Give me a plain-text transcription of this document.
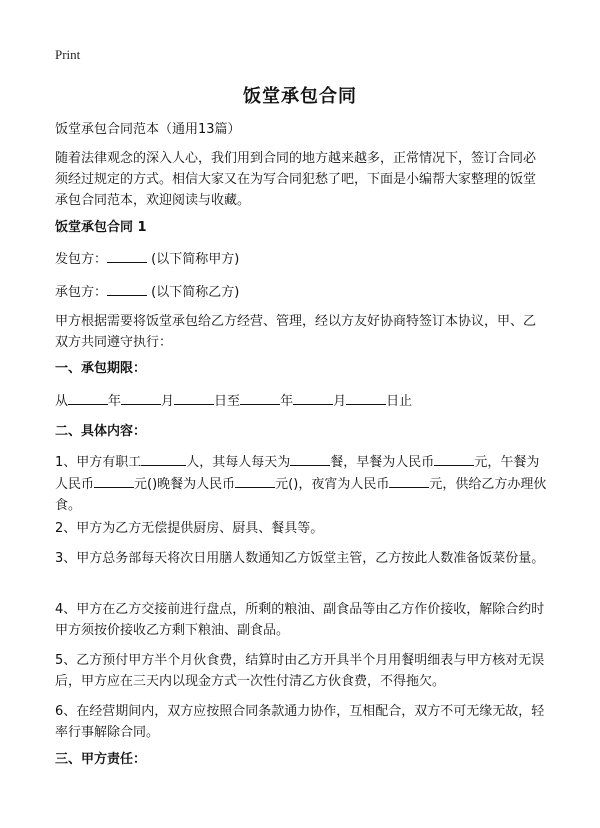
Print
饭堂承包合同

饭堂承包合同范本（通用13篇）

随着法律观念的深入人心，我们用到合同的地方越来越多，正常情况下，签订合同必须经过规定的方式。相信大家又在为写合同犯愁了吧，下面是小编帮大家整理的饭堂承包合同范本，欢迎阅读与收藏。

饭堂承包合同 1

发包方：	(以下简称甲方)

承包方：	(以下简称乙方)

甲方根据需要将饭堂承包给乙方经营、管理，经以方友好协商特签订本协议，甲、乙双方共同遵守执行：

一、承包期限：

从	年	月	日至	年	月	日止

二、具体内容：

1、甲方有职工	人，其每人每天为	餐，早餐为人民币	元，午餐为人民币	元()晚餐为人民币	元()，夜宵为人民币	元，供给乙方办理伙食。

2、甲方为乙方无偿提供厨房、厨具、餐具等。

3、甲方总务部每天将次日用膳人数通知乙方饭堂主管，乙方按此人数准备饭菜份量。

4、甲方在乙方交接前进行盘点，所剩的粮油、副食品等由乙方作价接收，解除合约时甲方须按价接收乙方剩下粮油、副食品。

5、乙方预付甲方半个月伙食费，结算时由乙方开具半个月用餐明细表与甲方核对无误后，甲方应在三天内以现金方式一次性付清乙方伙食费，不得拖欠。

6、在经营期间内，双方应按照合同条款通力协作，互相配合，双方不可无缘无故，轻率行事解除合同。

三、甲方责任：
